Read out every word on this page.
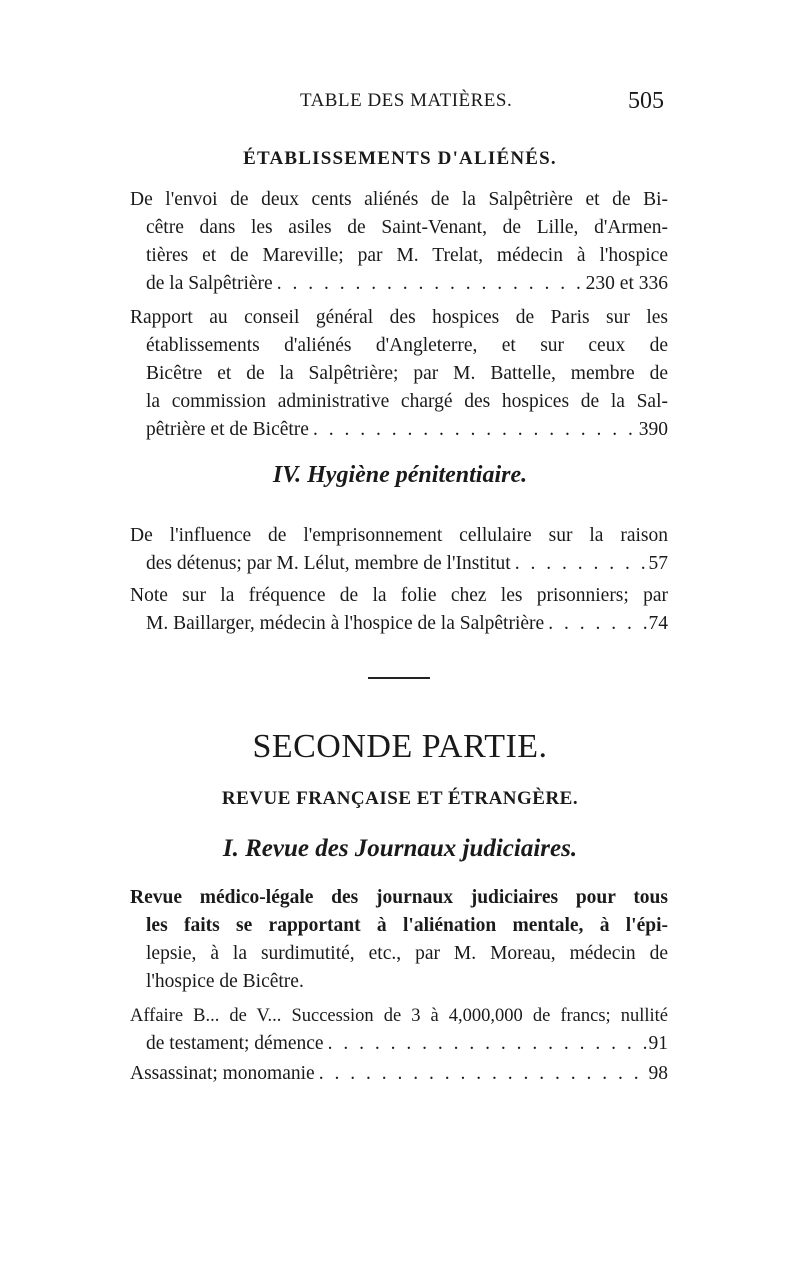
TABLE DES MATIÈRES.	505

ÉTABLISSEMENTS D'ALIÉNÉS.

De l'envoi de deux cents aliénés de la Salpêtrière et de Bi-
cêtre dans les asiles de Saint-Venant, de Lille, d'Armen-
tières et de Mareville; par M. Trelat, médecin à l'hospice
de la Salpêtrière . . .	230 et 336
Rapport au conseil général des hospices de Paris sur les
établissements d'aliénés d'Angleterre, et sur ceux de
Bicêtre et de la Salpêtrière; par M. Battelle, membre de
la commission administrative chargé des hospices de la Sal-
pêtrière et de Bicêtre . . .	390

IV. Hygiène pénitentiaire.

De l'influence de l'emprisonnement cellulaire sur la raison
des détenus; par M. Lélut, membre de l'Institut . . .	57
Note sur la fréquence de la folie chez les prisonniers; par
M. Baillarger, médecin à l'hospice de la Salpêtrière . . .	74

SECONDE PARTIE.

REVUE FRANÇAISE ET ÉTRANGÈRE.

I. Revue des Journaux judiciaires.

Revue médico-légale des journaux judiciaires pour tous
les faits se rapportant à l'aliénation mentale, à l'épi-
lepsie, à la surdimutité, etc., par M. Moreau, médecin de
l'hospice de Bicêtre.
Affaire B... de V... Succession de 3 à 4,000,000 de francs; nullité
de testament; démence . . .	91
Assassinat; monomanie . . .	98
